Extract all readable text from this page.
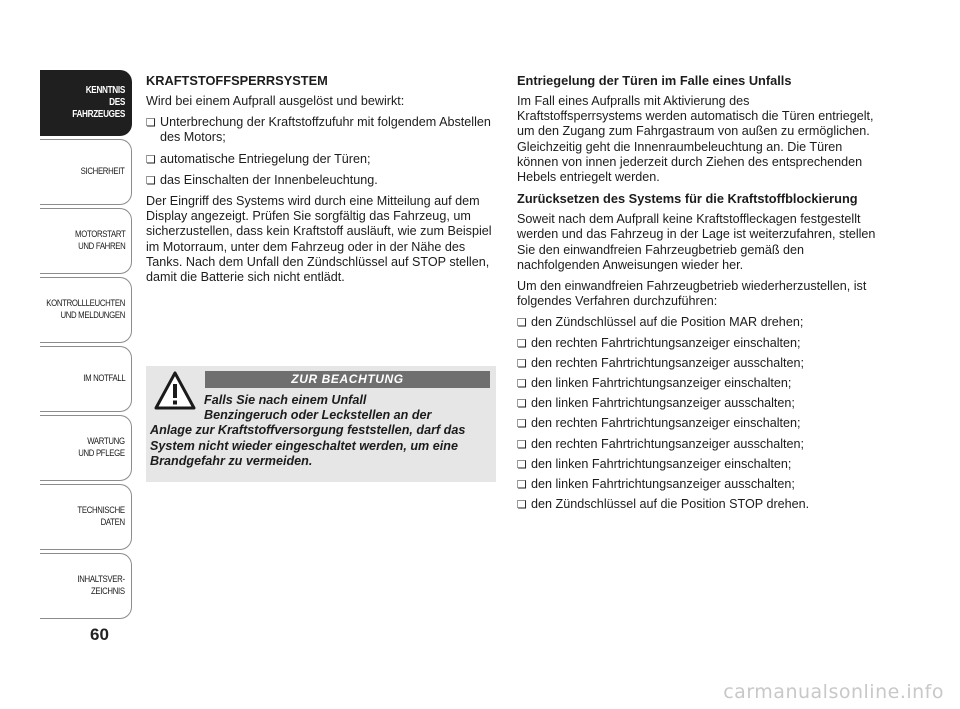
KENNTNIS
DES FAHRZEUGES
SICHERHEIT
MOTORSTART
UND FAHREN
KONTROLLLEUCHTEN
UND MELDUNGEN
IM NOTFALL
WARTUNG
UND PFLEGE
TECHNISCHE
DATEN
INHALTSVER-
ZEICHNIS
60
KRAFTSTOFFSPERRSYSTEM

Wird bei einem Aufprall ausgelöst und bewirkt:

❏ Unterbrechung der Kraftstoffzufuhr mit folgendem Abstellen des Motors;
❏ automatische Entriegelung der Türen;
❏ das Einschalten der Innenbeleuchtung.

Der Eingriff des Systems wird durch eine Mitteilung auf dem Display angezeigt. Prüfen Sie sorgfältig das Fahrzeug, um sicherzustellen, dass kein Kraftstoff ausläuft, wie zum Beispiel im Motorraum, unter dem Fahrzeug oder in der Nähe des Tanks. Nach dem Unfall den Zündschlüssel auf STOP stellen, damit die Batterie sich nicht entlädt.

ZUR BEACHTUNG
Falls Sie nach einem Unfall
Benzingeruch oder Leckstellen an der
Anlage zur Kraftstoffversorgung feststellen, darf das System nicht wieder eingeschaltet werden, um eine Brandgefahr zu vermeiden.
Entriegelung der Türen im Falle eines Unfalls

Im Fall eines Aufpralls mit Aktivierung des Kraftstoffsperrsystems werden automatisch die Türen entriegelt, um den Zugang zum Fahrgastraum von außen zu ermöglichen. Gleichzeitig geht die Innenraumbeleuchtung an. Die Türen können von innen jederzeit durch Ziehen des entsprechenden Hebels entriegelt werden.

Zurücksetzen des Systems für die Kraftstoffblockierung

Soweit nach dem Aufprall keine Kraftstoffleckagen festgestellt werden und das Fahrzeug in der Lage ist weiterzufahren, stellen Sie den einwandfreien Fahrzeugbetrieb gemäß den nachfolgenden Anweisungen wieder her.

Um den einwandfreien Fahrzeugbetrieb wiederherzustellen, ist folgendes Verfahren durchzuführen:

❏ den Zündschlüssel auf die Position MAR drehen;
❏ den rechten Fahrtrichtungsanzeiger einschalten;
❏ den rechten Fahrtrichtungsanzeiger ausschalten;
❏ den linken Fahrtrichtungsanzeiger einschalten;
❏ den linken Fahrtrichtungsanzeiger ausschalten;
❏ den rechten Fahrtrichtungsanzeiger einschalten;
❏ den rechten Fahrtrichtungsanzeiger ausschalten;
❏ den linken Fahrtrichtungsanzeiger einschalten;
❏ den linken Fahrtrichtungsanzeiger ausschalten;
❏ den Zündschlüssel auf die Position STOP drehen.
carmanualsonline.info
